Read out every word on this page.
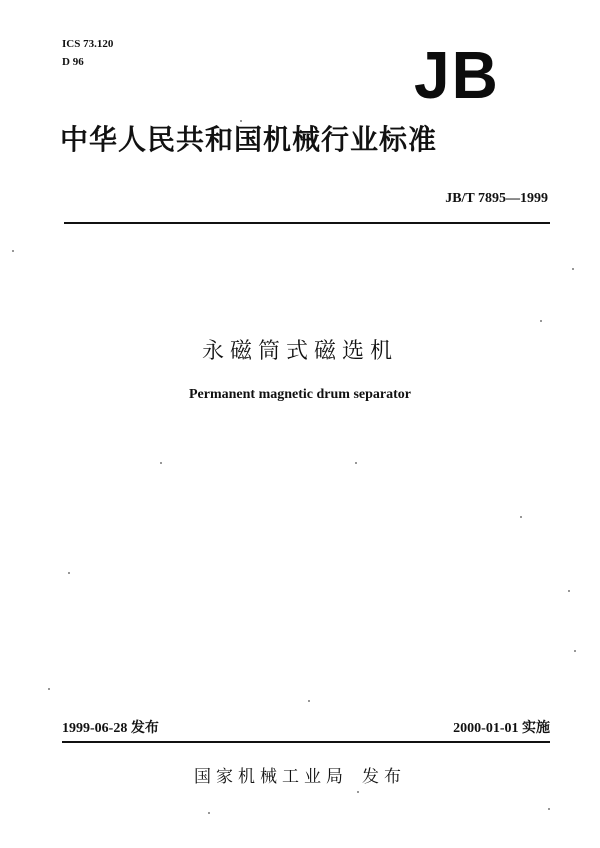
ICS 73.120
D 96	JB
中华人民共和国机械行业标准
JB/T 7895—1999
永磁筒式磁选机
Permanent magnetic drum separator
1999-06-28 发布	2000-01-01 实施
国家机械工业局 发布
